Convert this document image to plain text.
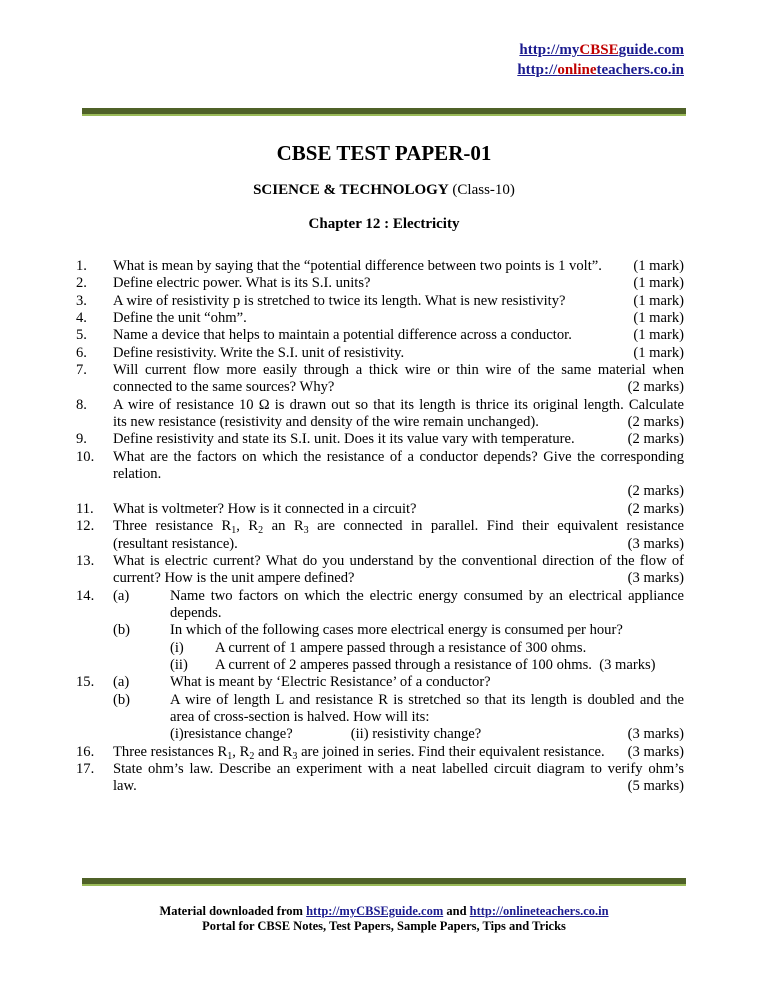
http://myCBSEguide.com
http://onlineteachers.co.in
CBSE TEST PAPER-01
SCIENCE & TECHNOLOGY (Class-10)
Chapter 12 : Electricity
1.	What is mean by saying that the “potential difference between two points is 1 volt”. (1 mark)
2.	Define electric power. What is its S.I. units?	(1 mark)
3.	A wire of resistivity p is stretched to twice its length. What is new resistivity?	(1 mark)
4.	Define the unit “ohm”.	(1 mark)
5.	Name a device that helps to maintain a potential difference across a conductor.	(1 mark)
6.	Define resistivity. Write the S.I. unit of resistivity.	(1 mark)
7.	Will current flow more easily through a thick wire or thin wire of the same material when
connected to the same sources? Why?	(2 marks)
8.	A wire of resistance 10 Ω is drawn out so that its length is thrice its original length. Calculate
its new resistance (resistivity and density of the wire remain unchanged).	(2 marks)
9.	Define resistivity and state its S.I. unit. Does it its value vary with temperature.	(2 marks)
10.	What are the factors on which the resistance of a conductor depends? Give the corresponding
relation.
(2 marks)
11.	What is voltmeter? How is it connected in a circuit?	(2 marks)
12.	Three resistance $R_1$, $R_2$ an $R_3$ are connected in parallel. Find their equivalent resistance
(resultant resistance).	(3 marks)
13.	What is electric current? What do you understand by the conventional direction of the flow of
current? How is the unit ampere defined?	(3 marks)
14.	(a)	Name two factors on which the electric energy consumed by an electrical appliance
depends.
(b)	In which of the following cases more electrical energy is consumed per hour?
(i)	A current of 1 ampere passed through a resistance of 300 ohms.
(ii)	A current of 2 amperes passed through a resistance of 100 ohms. (3 marks)
15.	(a)	What is meant by ‘Electric Resistance’ of a conductor?
(b)	A wire of length L and resistance R is stretched so that its length is doubled and the
area of cross-section is halved. How will its:
(i)resistance change?	(ii) resistivity change?	(3 marks)
16.	Three resistances $R_1$, $R_2$ and $R_3$ are joined in series. Find their equivalent resistance. (3 marks)
17.	State ohm’s law. Describe an experiment with a neat labelled circuit diagram to verify ohm’s
law.	(5 marks)
Material downloaded from http://myCBSEguide.com and http://onlineteachers.co.in
Portal for CBSE Notes, Test Papers, Sample Papers, Tips and Tricks
